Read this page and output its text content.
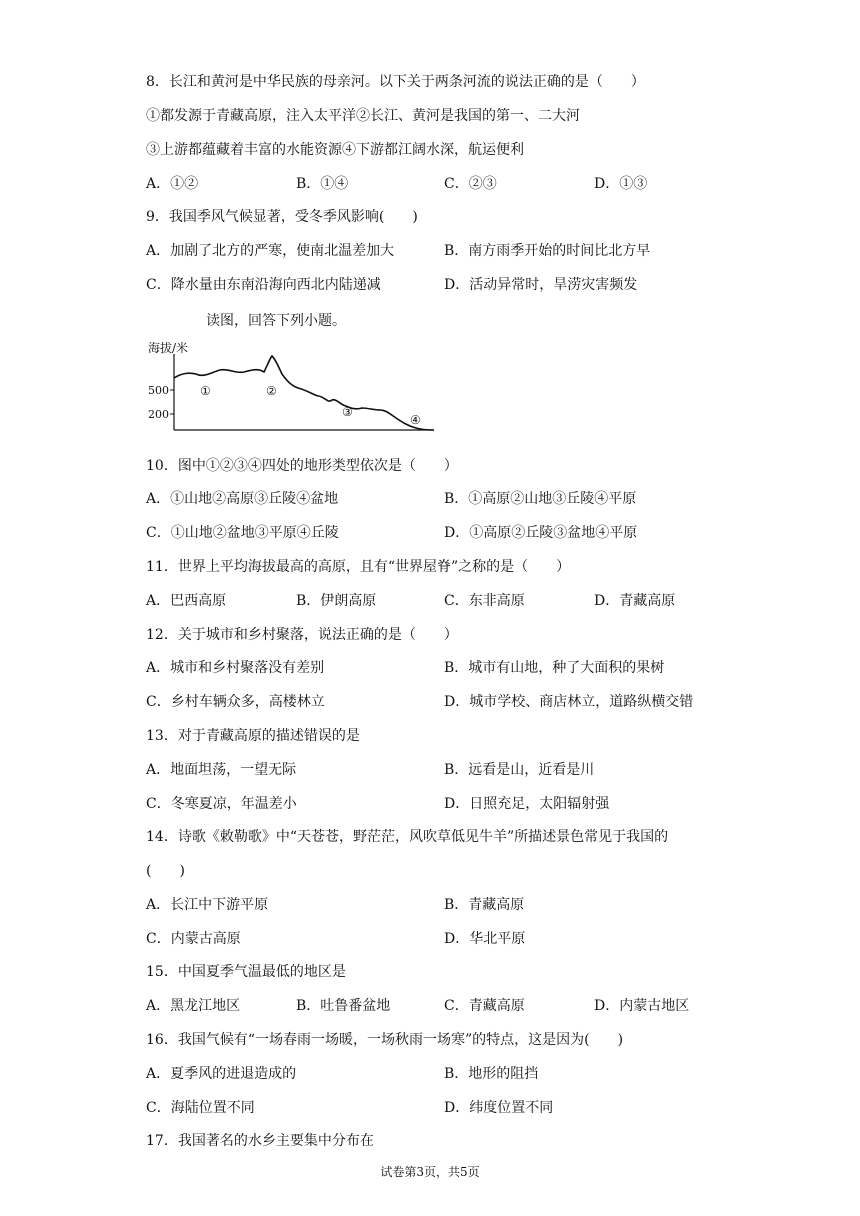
8．长江和黄河是中华民族的母亲河。以下关于两条河流的说法正确的是（　　）
①都发源于青藏高原，注入太平洋②长江、黄河是我国的第一、二大河
③上游都蕴藏着丰富的水能资源④下游都江阔水深，航运便利
A．①②	B．①④	C．②③	D．①③
9．我国季风气候显著，受冬季风影响(　　)
A．加剧了北方的严寒，使南北温差加大	B．南方雨季开始的时间比北方早
C．降水量由东南沿海向西北内陆递减	D．活动异常时，旱涝灾害频发
读图，回答下列小题。
海拔/米
500
200
①	②
③
④
10．图中①②③④四处的地形类型依次是（　　）
A．①山地②高原③丘陵④盆地	B．①高原②山地③丘陵④平原
C．①山地②盆地③平原④丘陵	D．①高原②丘陵③盆地④平原
11．世界上平均海拔最高的高原，且有“世界屋脊”之称的是（　　）
A．巴西高原	B．伊朗高原	C．东非高原	D．青藏高原
12．关于城市和乡村聚落，说法正确的是（　　）
A．城市和乡村聚落没有差别	B．城市有山地，种了大面积的果树
C．乡村车辆众多，高楼林立	D．城市学校、商店林立，道路纵横交错
13．对于青藏高原的描述错误的是
A．地面坦荡，一望无际	B．远看是山，近看是川
C．冬寒夏凉，年温差小	D．日照充足，太阳辐射强
14．诗歌《敕勒歌》中“天苍苍，野茫茫，风吹草低见牛羊”所描述景色常见于我国的
(　　)
A．长江中下游平原	B．青藏高原
C．内蒙古高原	D．华北平原
15．中国夏季气温最低的地区是
A．黑龙江地区	B．吐鲁番盆地	C．青藏高原	D．内蒙古地区
16．我国气候有“一场春雨一场暖，一场秋雨一场寒”的特点，这是因为(　　)
A．夏季风的进退造成的	B．地形的阻挡
C．海陆位置不同	D．纬度位置不同
17．我国著名的水乡主要集中分布在
试卷第3页，共5页
